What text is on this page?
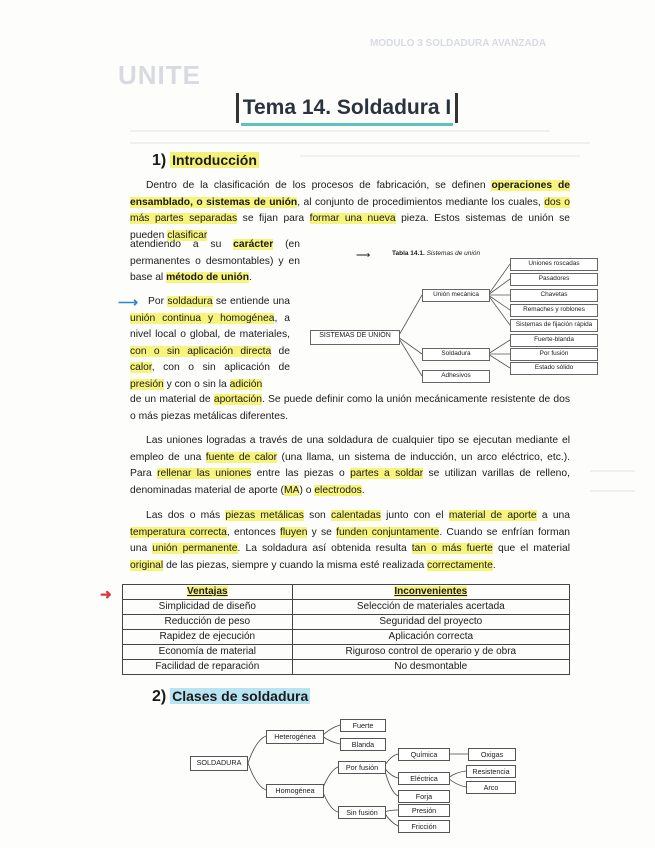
MODULO 3 SOLDADURA AVANZADA
UNITE
Tema 14. Soldadura I
1) Introducción
Dentro de la clasificación de los procesos de fabricación, se definen operaciones de ensamblado, o sistemas de unión, al conjunto de procedimientos mediante los cuales, dos o más partes separadas se fijan para formar una nueva pieza. Estos sistemas de unión se pueden clasificar
atendiendo a su carácter (en permanentes o desmontables) y en base al método de unión.
⟶ Por soldadura se entiende una unión continua y homogénea, a nivel local o global, de materiales, con o sin aplicación directa de calor, con o sin aplicación de presión y con o sin la adición
de un material de aportación. Se puede definir como la unión mecánicamente resistente de dos o más piezas metálicas diferentes.
Tabla 14.1. Sistemas de unión
⟶
SISTEMAS DE UNIÓN
Unión mecánica
Soldadura
Adhesivos
Uniones roscadas
Pasadores
Chavetas
Remaches y roblones
Sistemas de fijación rápida
Fuerte-blanda
Por fusión
Estado sólido
Las uniones logradas a través de una soldadura de cualquier tipo se ejecutan mediante el empleo de una fuente de calor (una llama, un sistema de inducción, un arco eléctrico, etc.). Para rellenar las uniones entre las piezas o partes a soldar se utilizan varillas de relleno, denominadas material de aporte (MA) o electrodos.
Las dos o más piezas metálicas son calentadas junto con el material de aporte a una temperatura correcta, entonces fluyen y se funden conjuntamente. Cuando se enfrían forman una unión permanente. La soldadura así obtenida resulta tan o más fuerte que el material original de las piezas, siempre y cuando la misma esté realizada correctamente.
➜	Ventajas	Inconvenientes
Simplicidad de diseño	Selección de materiales acertada
Reducción de peso	Seguridad del proyecto
Rapidez de ejecución	Aplicación correcta
Economía de material	Riguroso control de operario y de obra
Facilidad de reparación	No desmontable
2) Clases de soldadura
SOLDADURA
Heterogénea
Homogénea
Fuerte
Blanda
Por fusión
Sin fusión
Química
Eléctrica
Forja
Oxigas
Resistencia
Arco
Presión
Fricción
